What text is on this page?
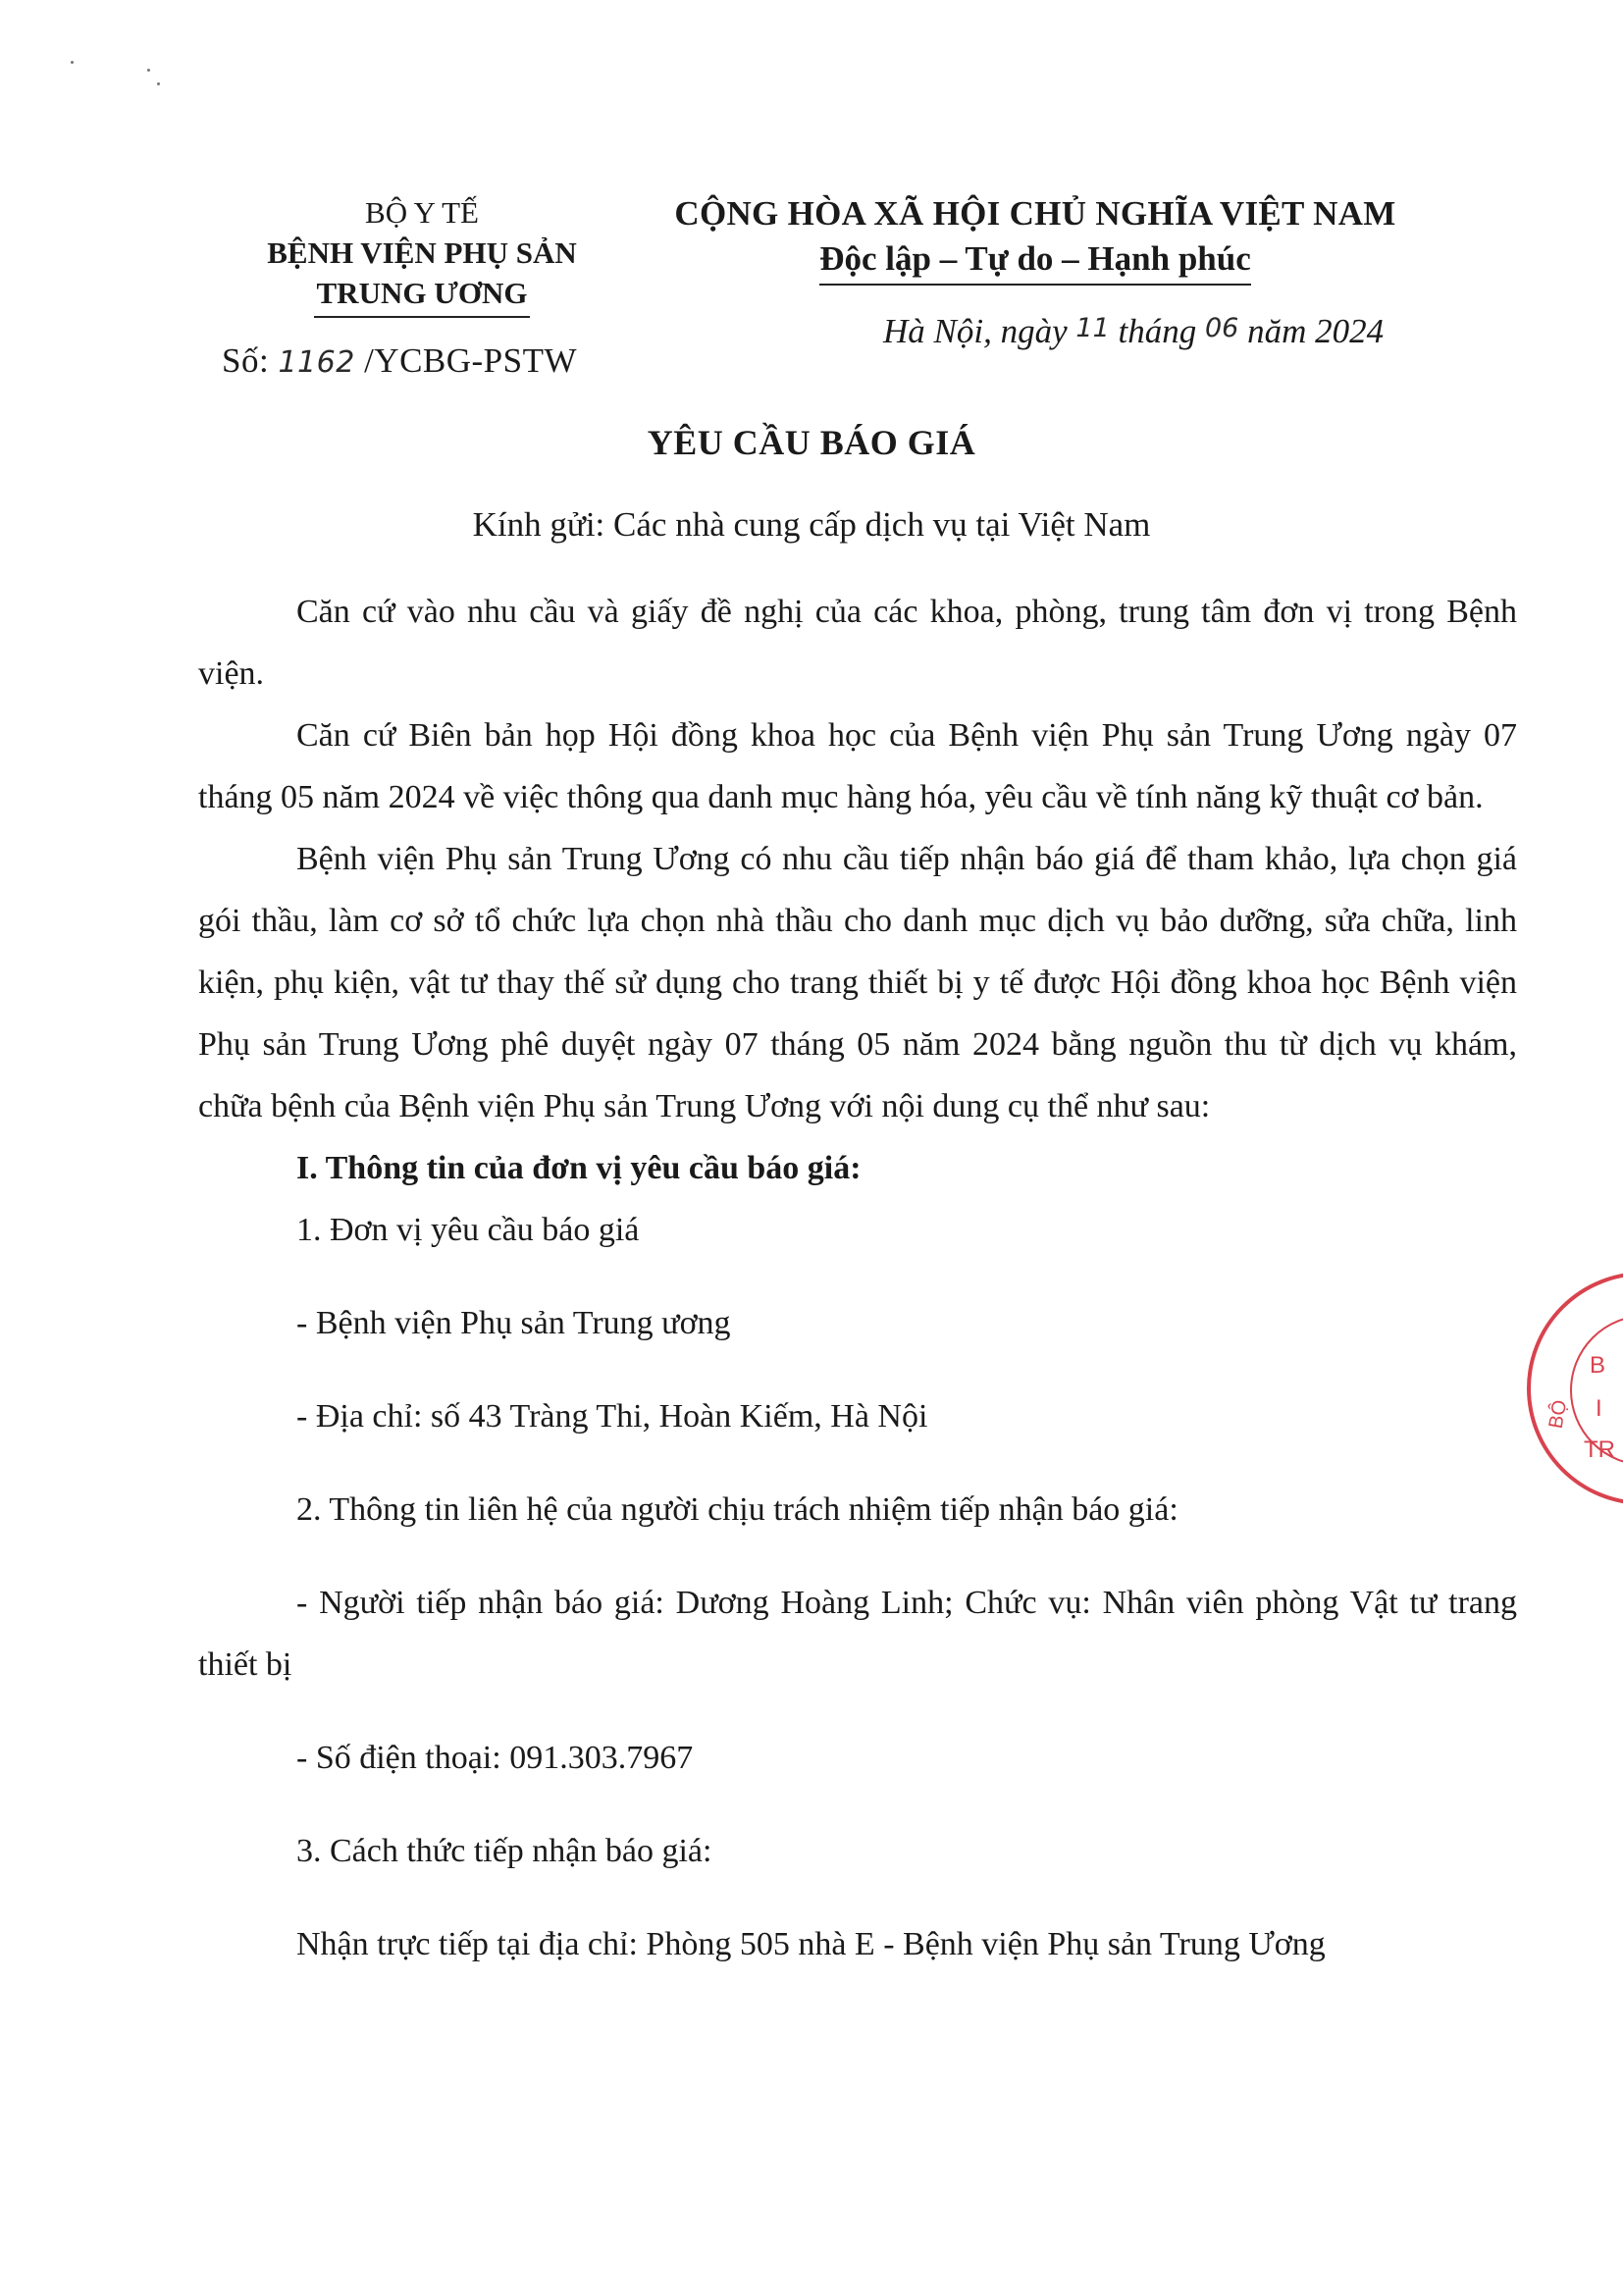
BỘ Y TẾ
BỆNH VIỆN PHỤ SẢN
TRUNG ƯƠNG
Số: 1162 /YCBG-PSTW
CỘNG HÒA XÃ HỘI CHỦ NGHĨA VIỆT NAM
Độc lập – Tự do – Hạnh phúc
Hà Nội, ngày 11 tháng 06 năm 2024
YÊU CẦU BÁO GIÁ
Kính gửi: Các nhà cung cấp dịch vụ tại Việt Nam

Căn cứ vào nhu cầu và giấy đề nghị của các khoa, phòng, trung tâm đơn vị trong Bệnh viện.

Căn cứ Biên bản họp Hội đồng khoa học của Bệnh viện Phụ sản Trung Ương ngày 07 tháng 05 năm 2024 về việc thông qua danh mục hàng hóa, yêu cầu về tính năng kỹ thuật cơ bản.

Bệnh viện Phụ sản Trung Ương có nhu cầu tiếp nhận báo giá để tham khảo, lựa chọn giá gói thầu, làm cơ sở tổ chức lựa chọn nhà thầu cho danh mục dịch vụ bảo dưỡng, sửa chữa, linh kiện, phụ kiện, vật tư thay thế sử dụng cho trang thiết bị y tế được Hội đồng khoa học Bệnh viện Phụ sản Trung Ương phê duyệt ngày 07 tháng 05 năm 2024 bằng nguồn thu từ dịch vụ khám, chữa bệnh của Bệnh viện Phụ sản Trung Ương với nội dung cụ thể như sau:

I. Thông tin của đơn vị yêu cầu báo giá:
1. Đơn vị yêu cầu báo giá
- Bệnh viện Phụ sản Trung ương
- Địa chỉ: số 43 Tràng Thi, Hoàn Kiếm, Hà Nội
2. Thông tin liên hệ của người chịu trách nhiệm tiếp nhận báo giá:

- Người tiếp nhận báo giá: Dương Hoàng Linh; Chức vụ: Nhân viên phòng Vật tư trang thiết bị

- Số điện thoại: 091.303.7967
3. Cách thức tiếp nhận báo giá:
Nhận trực tiếp tại địa chỉ: Phòng 505 nhà E - Bệnh viện Phụ sản Trung Ương
B
I
TR
BỘ
